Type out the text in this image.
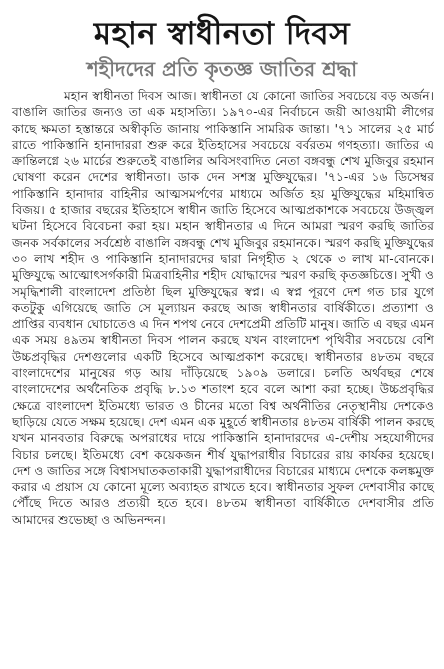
মহান স্বাধীনতা দিবস
শহীদদের প্রতি কৃতজ্ঞ জাতির শ্রদ্ধা

মহান স্বাধীনতা দিবস আজ। স্বাধীনতা যে কোনো জাতির সবচেয়ে বড় অর্জন। বাঙালি জাতির জন্যও তা এক মহাসত্যি। ১৯৭০-এর নির্বাচনে জয়ী আওয়ামী লীগের কাছে ক্ষমতা হস্তান্তরে অস্বীকৃতি জানায় পাকিস্তানি সামরিক জান্তা। '৭১ সালের ২৫ মার্চ রাতে পাকিস্তানি হানাদাররা শুরু করে ইতিহাসের সবচেয়ে বর্বরতম গণহত্যা। জাতির এ ক্রান্তিলগ্নে ২৬ মার্চের শুরুতেই বাঙালির অবিসংবাদিত নেতা বঙ্গবন্ধু শেখ মুজিবুর রহমান ঘোষণা করেন দেশের স্বাধীনতা। ডাক দেন সশস্ত্র মুক্তিযুদ্ধের। '৭১-এর ১৬ ডিসেম্বর পাকিস্তানি হানাদার বাহিনীর আত্মসমর্পণের মাধ্যমে অর্জিত হয় মুক্তিযুদ্ধের মহিমান্বিত বিজয়। ৫ হাজার বছরের ইতিহাসে স্বাধীন জাতি হিসেবে আত্মপ্রকাশকে সবচেয়ে উজ্জ্বল ঘটনা হিসেবে বিবেচনা করা হয়। মহান স্বাধীনতার এ দিনে আমরা স্মরণ করছি জাতির জনক সর্বকালের সর্বশ্রেষ্ঠ বাঙালি বঙ্গবন্ধু শেখ মুজিবুর রহমানকে। স্মরণ করছি মুক্তিযুদ্ধের ৩০ লাখ শহীদ ও পাকিস্তানি হানাদারদের দ্বারা নিগৃহীত ২ থেকে ৩ লাখ মা-বোনকে। মুক্তিযুদ্ধে আত্মোৎসর্গকারী মিত্রবাহিনীর শহীদ যোদ্ধাদের স্মরণ করছি কৃতজ্ঞচিত্তে। সুখী ও সমৃদ্ধিশালী বাংলাদেশ প্রতিষ্ঠা ছিল মুক্তিযুদ্ধের স্বপ্ন। এ স্বপ্ন পূরণে দেশ গত চার যুগে কতটুকু এগিয়েছে জাতি সে মূল্যায়ন করছে আজ স্বাধীনতার বার্ষিকীতে। প্রত্যাশা ও প্রাপ্তির ব্যবধান ঘোচাতেও এ দিন শপথ নেবে দেশপ্রেমী প্রতিটি মানুষ। জাতি এ বছর এমন এক সময় ৪৯তম স্বাধীনতা দিবস পালন করছে যখন বাংলাদেশ পৃথিবীর সবচেয়ে বেশি উচ্চপ্রবৃদ্ধির দেশগুলোর একটি হিসেবে আত্মপ্রকাশ করেছে। স্বাধীনতার ৪৮তম বছরে বাংলাদেশের মানুষের গড় আয় দাঁড়িয়েছে ১৯০৯ ডলারে। চলতি অর্থবছর শেষে বাংলাদেশের অর্থনৈতিক প্রবৃদ্ধি ৮.১৩ শতাংশ হবে বলে আশা করা হচ্ছে। উচ্চপ্রবৃদ্ধির ক্ষেত্রে বাংলাদেশ ইতিমধ্যে ভারত ও চীনের মতো বিশ্ব অর্থনীতির নেতৃস্থানীয় দেশকেও ছাড়িয়ে যেতে সক্ষম হয়েছে। দেশ এমন এক মুহূর্তে স্বাধীনতার ৪৮তম বার্ষিকী পালন করছে যখন মানবতার বিরুদ্ধে অপরাধের দায়ে পাকিস্তানি হানাদারদের এ-দেশীয় সহযোগীদের বিচার চলছে। ইতিমধ্যে বেশ কয়েকজন শীর্ষ যুদ্ধাপরাধীর বিচারের রায় কার্যকর হয়েছে। দেশ ও জাতির সঙ্গে বিশ্বাসঘাতকতাকারী যুদ্ধাপরাধীদের বিচারের মাধ্যমে দেশকে কলঙ্কমুক্ত করার এ প্রয়াস যে কোনো মূল্যে অব্যাহত রাখতে হবে। স্বাধীনতার সুফল দেশবাসীর কাছে পৌঁছে দিতে আরও প্রত্যয়ী হতে হবে। ৪৮তম স্বাধীনতা বার্ষিকীতে দেশবাসীর প্রতি আমাদের শুভেচ্ছা ও অভিনন্দন।
